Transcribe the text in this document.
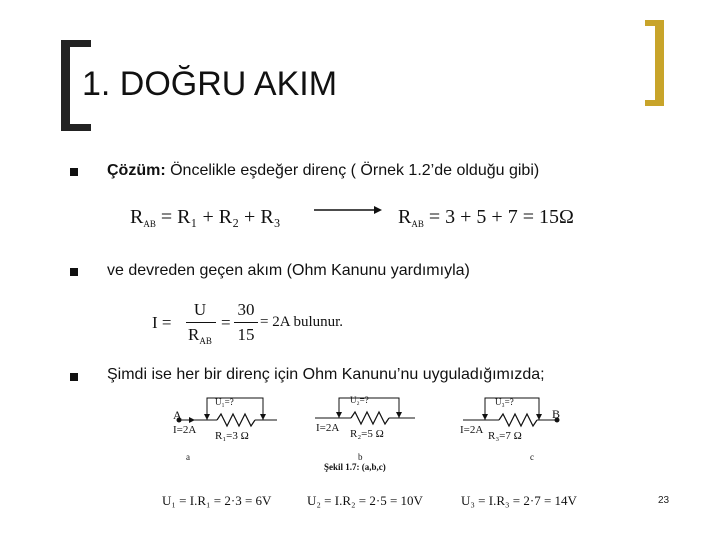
1. DOĞRU AKIM
Çözüm: Öncelikle eşdeğer direnç ( Örnek 1.2’de olduğu gibi)
$R_{AB} = R_1 + R_2 + R_3$	$R_{AB} = 3 + 5 + 7 = 15\Omega$
ve devreden geçen akım (Ohm Kanunu yardımıyla)
I =
U
$R_{AB}$
=
30
15
= 2A bulunur.
Şimdi ise her bir direnç için Ohm Kanunu’nu uyguladığımızda;
U₁=?
A
I=2A R₁=3 Ω
a
U₂=?
I=2A R₂=5 Ω
b
Şekil 1.7: (a,b,c)
U₃=?
B
I=2A R₃=7 Ω
c
U₁ = I.R₁ = 2·3 = 6V	U₂ = I.R₂ = 2·5 = 10V	U₃ = I.R₃ = 2·7 = 14V	23
